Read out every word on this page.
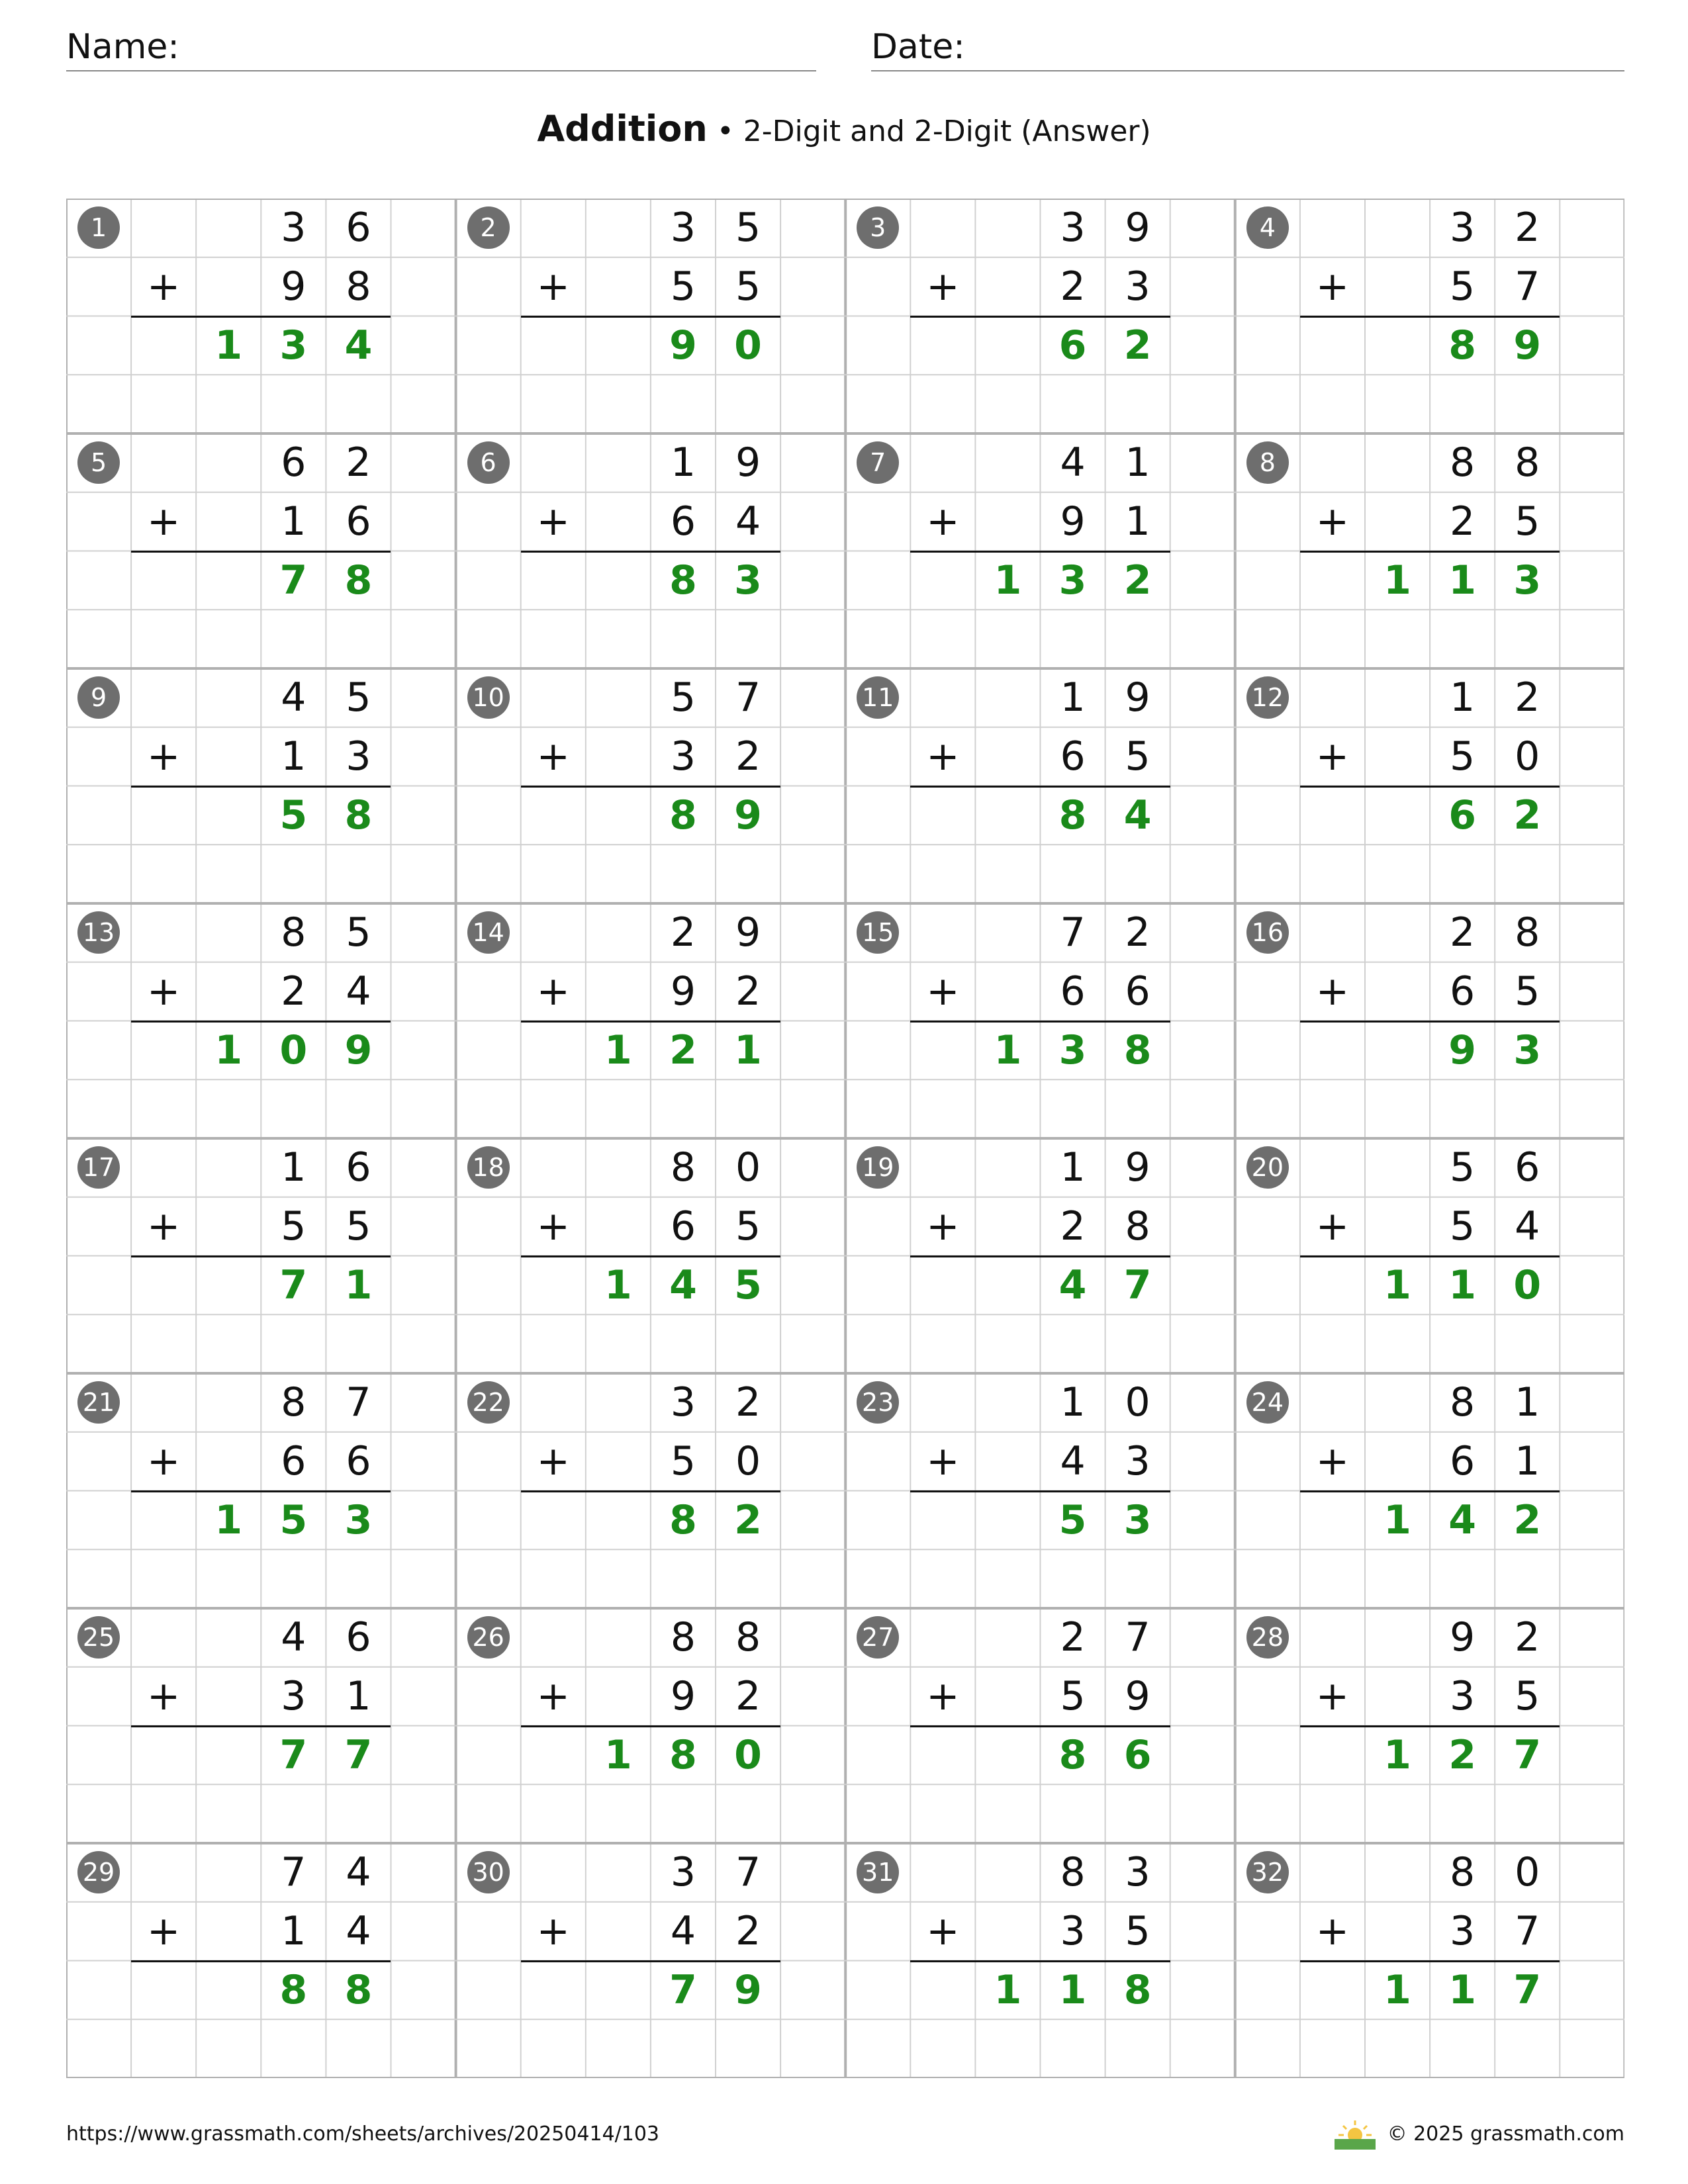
Name:	Date:
Addition • 2-Digit and 2-Digit (Answer)
1	3 6
+	9 8
1 3 4
2	3 5
+	5 5
9 0
3	3 9
+	2 3
6 2
4	3 2
+	5 7
8 9
5	6 2
+	1 6
7 8
6	1 9
+	6 4
8 3
7	4 1
+	9 1
1 3 2
8	8 8
+	2 5
1 1 3
9	4 5
+	1 3
5 8
10	5 7
+	3 2
8 9
11	1 9
+	6 5
8 4
12	1 2
+	5 0
6 2
13	8 5
+	2 4
1 0 9
14	2 9
+	9 2
1 2 1
15	7 2
+	6 6
1 3 8
16	2 8
+	6 5
9 3
17	1 6
+	5 5
7 1
18	8 0
+	6 5
1 4 5
19	1 9
+	2 8
4 7
20	5 6
+	5 4
1 1 0
21	8 7
+	6 6
1 5 3
22	3 2
+	5 0
8 2
23	1 0
+	4 3
5 3
24	8 1
+	6 1
1 4 2
25	4 6
+	3 1
7 7
26	8 8
+	9 2
1 8 0
27	2 7
+	5 9
8 6
28	9 2
+	3 5
1 2 7
29	7 4
+	1 4
8 8
30	3 7
+	4 2
7 9
31	8 3
+	3 5
1 1 8
32	8 0
+	3 7
1 1 7
https://www.grassmath.com/sheets/archives/20250414/103	© 2025 grassmath.com
